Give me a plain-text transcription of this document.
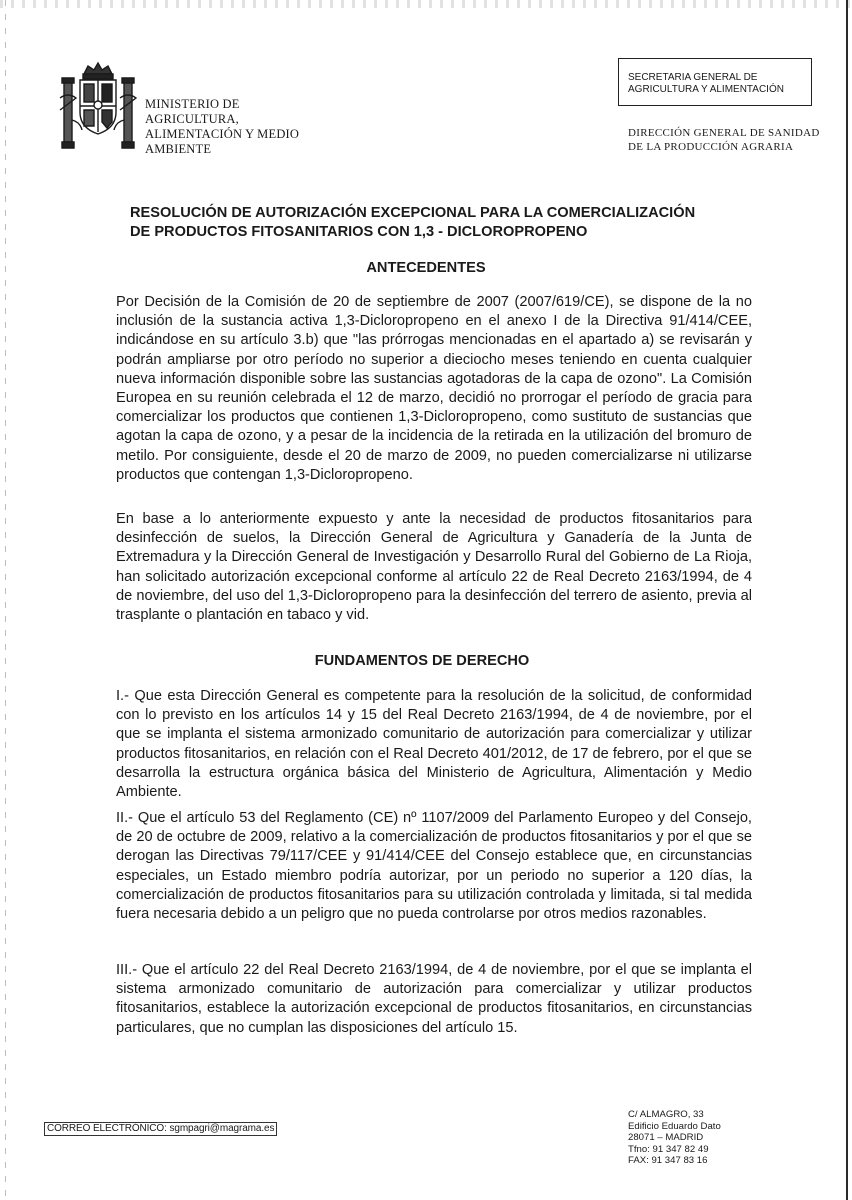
MINISTERIO DE
AGRICULTURA,
ALIMENTACIÓN Y MEDIO
AMBIENTE
SECRETARIA GENERAL DE
AGRICULTURA Y ALIMENTACIÓN
DIRECCIÓN GENERAL DE SANIDAD
DE LA PRODUCCIÓN AGRARIA
RESOLUCIÓN DE AUTORIZACIÓN EXCEPCIONAL PARA LA COMERCIALIZACIÓN
DE PRODUCTOS FITOSANITARIOS CON 1,3 - DICLOROPROPENO
ANTECEDENTES

Por Decisión de la Comisión de 20 de septiembre de 2007 (2007/619/CE), se dispone de la no inclusión de la sustancia activa 1,3-Dicloropropeno en el anexo I de la Directiva 91/414/CEE, indicándose en su artículo 3.b) que "las prórrogas mencionadas en el apartado a) se revisarán y podrán ampliarse por otro período no superior a dieciocho meses teniendo en cuenta cualquier nueva información disponible sobre las sustancias agotadoras de la capa de ozono". La Comisión Europea en su reunión celebrada el 12 de marzo, decidió no prorrogar el período de gracia para comercializar los productos que contienen 1,3-Dicloropropeno, como sustituto de sustancias que agotan la capa de ozono, y a pesar de la incidencia de la retirada en la utilización del bromuro de metilo. Por consiguiente, desde el 20 de marzo de 2009, no pueden comercializarse ni utilizarse productos que contengan 1,3-Dicloropropeno.

En base a lo anteriormente expuesto y ante la necesidad de productos fitosanitarios para desinfección de suelos, la Dirección General de Agricultura y Ganadería de la Junta de Extremadura y la Dirección General de Investigación y Desarrollo Rural del Gobierno de La Rioja, han solicitado autorización excepcional conforme al artículo 22 de Real Decreto 2163/1994, de 4 de noviembre, del uso del 1,3-Dicloropropeno para la desinfección del terrero de asiento, previa al trasplante o plantación en tabaco y vid.

FUNDAMENTOS DE DERECHO

I.- Que esta Dirección General es competente para la resolución de la solicitud, de conformidad con lo previsto en los artículos 14 y 15 del Real Decreto 2163/1994, de 4 de noviembre, por el que se implanta el sistema armonizado comunitario de autorización para comercializar y utilizar productos fitosanitarios, en relación con el Real Decreto 401/2012, de 17 de febrero, por el que se desarrolla la estructura orgánica básica del Ministerio de Agricultura, Alimentación y Medio Ambiente.

II.- Que el artículo 53 del Reglamento (CE) nº 1107/2009 del Parlamento Europeo y del Consejo, de 20 de octubre de 2009, relativo a la comercialización de productos fitosanitarios y por el que se derogan las Directivas 79/117/CEE y 91/414/CEE del Consejo establece que, en circunstancias especiales, un Estado miembro podría autorizar, por un periodo no superior a 120 días, la comercialización de productos fitosanitarios para su utilización controlada y limitada, si tal medida fuera necesaria debido a un peligro que no pueda controlarse por otros medios razonables.

III.- Que el artículo 22 del Real Decreto 2163/1994, de 4 de noviembre, por el que se implanta el sistema armonizado comunitario de autorización para comercializar y utilizar productos fitosanitarios, establece la autorización excepcional de productos fitosanitarios, en circunstancias particulares, que no cumplan las disposiciones del artículo 15.

CORREO ELECTRÓNICO: sgmpagri@magrama.es
C/ ALMAGRO, 33
Edificio Eduardo Dato
28071 – MADRID
Tfno: 91 347 82 49
FAX: 91 347 83 16
